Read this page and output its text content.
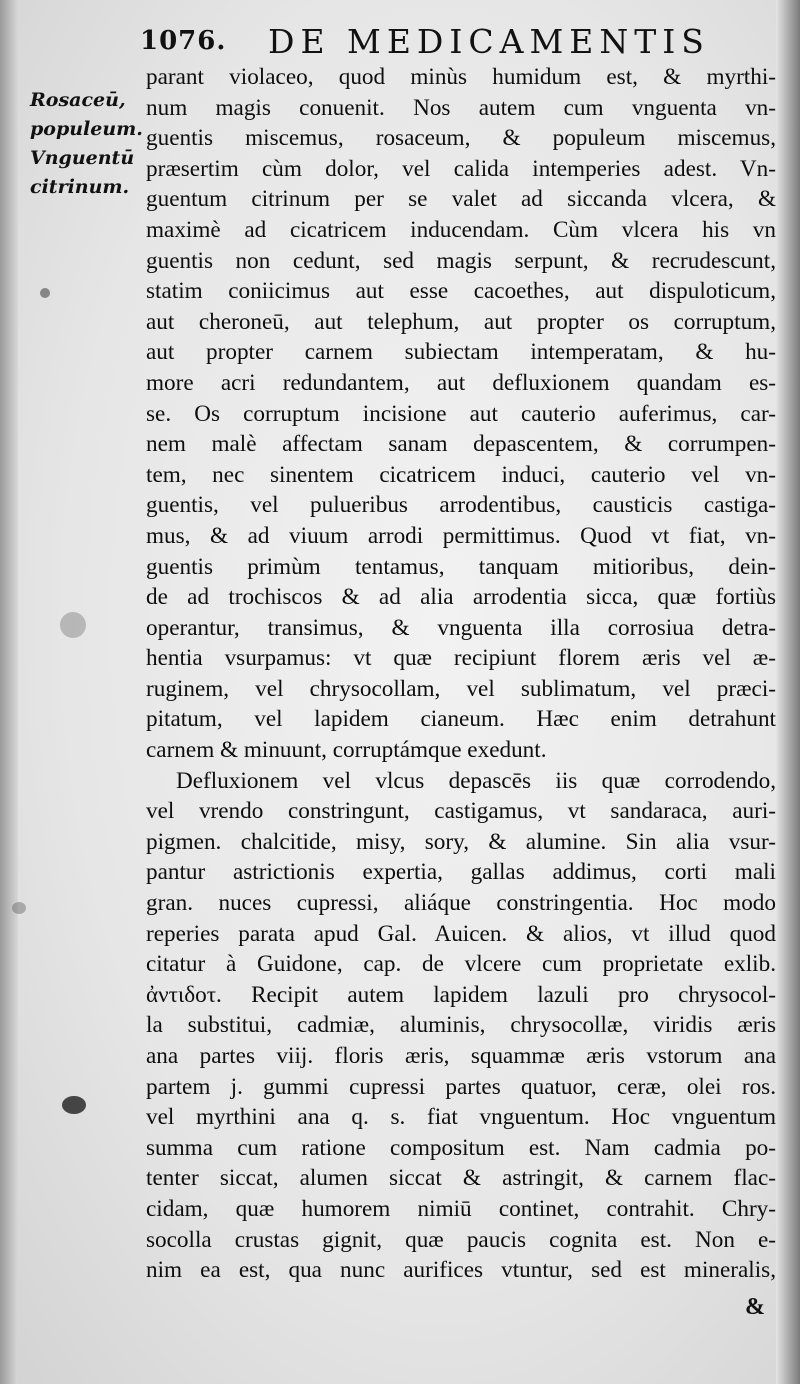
1076. DE MEDICAMENTIS
Rosaceū,
populeum.
Vnguentū
citrinum.
parant violaceo, quod minùs humidum est, & myrthi-
num magis conuenit. Nos autem cum vnguenta vn-
guentis miscemus, rosaceum, & populeum miscemus,
præsertim cùm dolor, vel calida intemperies adest. Vn-
guentum citrinum per se valet ad siccanda vlcera, &
maximè ad cicatricem inducendam. Cùm vlcera his vn
guentis non cedunt, sed magis serpunt, & recrudescunt,
statim coniicimus aut esse cacoethes, aut dispuloticum,
aut cheroneū, aut telephum, aut propter os corruptum,
aut propter carnem subiectam intemperatam, & hu-
more acri redundantem, aut defluxionem quandam es-
se. Os corruptum incisione aut cauterio auferimus, car-
nem malè affectam sanam depascentem, & corrumpen-
tem, nec sinentem cicatricem induci, cauterio vel vn-
guentis, vel pulueribus arrodentibus, causticis castiga-
mus, & ad viuum arrodi permittimus. Quod vt fiat, vn-
guentis primùm tentamus, tanquam mitioribus, dein-
de ad trochiscos & ad alia arrodentia sicca, quæ fortiùs
operantur, transimus, & vnguenta illa corrosiua detra-
hentia vsurpamus: vt quæ recipiunt florem æris vel æ-
ruginem, vel chrysocollam, vel sublimatum, vel præci-
pitatum, vel lapidem cianeum. Hæc enim detrahunt
carnem & minuunt, corruptámque exedunt.
Defluxionem vel vlcus depascēs iis quæ corrodendo,
vel vrendo constringunt, castigamus, vt sandaraca, auri-
pigmen. chalcitide, misy, sory, & alumine. Sin alia vsur-
pantur astrictionis expertia, gallas addimus, corti mali
gran. nuces cupressi, aliáque constringentia. Hoc modo
reperies parata apud Gal. Auicen. & alios, vt illud quod
citatur à Guidone, cap. de vlcere cum proprietate exlib.
ἀντιδοτ. Recipit autem lapidem lazuli pro chrysocol-
la substitui, cadmiæ, aluminis, chrysocollæ, viridis æris
ana partes viij. floris æris, squammæ æris vstorum ana
partem j. gummi cupressi partes quatuor, ceræ, olei ros.
vel myrthini ana q. s. fiat vnguentum. Hoc vnguentum
summa cum ratione compositum est. Nam cadmia po-
tenter siccat, alumen siccat & astringit, & carnem flac-
cidam, quæ humorem nimiū continet, contrahit. Chry-
socolla crustas gignit, quæ paucis cognita est. Non e-
nim ea est, qua nunc aurifices vtuntur, sed est mineralis,
&
